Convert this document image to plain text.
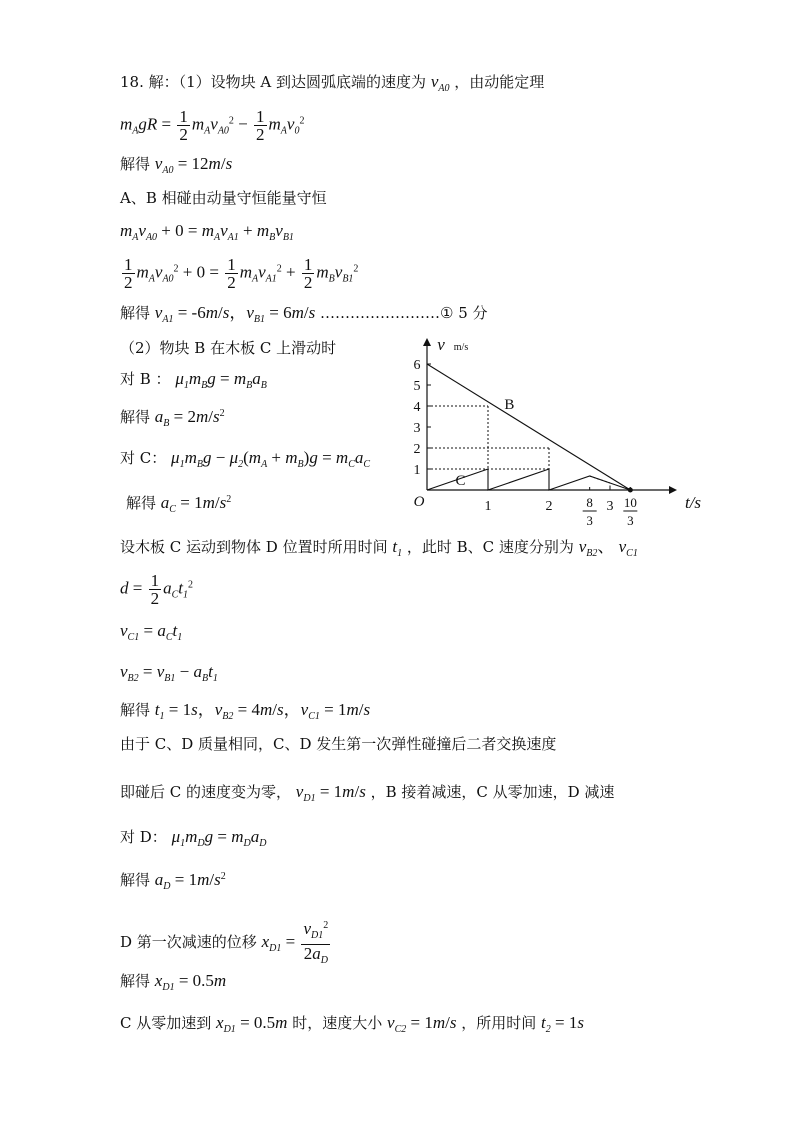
18. 解：（1）设物块 A 到达圆弧底端的速度为 $v_{A0}$ ，由动能定理
$m_AgR = \frac{1}{2} m_Av_{A0}^2 - \frac{1}{2} m_Av_0^2$
解得 $v_{A0} = 12m/s$
A、B 相碰由动量守恒能量守恒
$m_Av_{A0} + 0 = m_Av_{A1} + m_Bv_{B1}$
$\frac{1}{2} m_Av_{A0}^2 + 0 = \frac{1}{2} m_Av_{A1}^2 + \frac{1}{2} m_Bv_{B1}^2$
解得 $v_{A1} = -6m/s$，$v_{B1} = 6m/s$ ……………………① 5 分
（2）物块 B 在木板 C 上滑动时
对 B ： $\mu_1m_Bg = m_Ba_B$
解得 $a_B = 2m/s^2$
对 C： $\mu_1m_Bg - \mu_2(m_A + m_B)g = m_Ca_C$
解得 $a_C = 1m/s^2$
设木板 C 运动到物体 D 位置时所用时间 $t_1$ ，此时 B、C 速度分别为 $v_{B2}$、 $v_{C1}$
$d = \frac{1}{2} a_Ct_1^2$
$v_{C1} = a_Ct_1$
$v_{B2} = v_{B1} - a_Bt_1$
解得 $t_1 = 1s$，$v_{B2} = 4m/s$，$v_{C1} = 1m/s$
由于 C、D 质量相同，C、D 发生第一次弹性碰撞后二者交换速度
即碰后 C 的速度变为零， $v_{D1} = 1m/s$ ，B 接着减速，C 从零加速，D 减速
对 D： $\mu_1m_Dg = m_Da_D$
解得 $a_D = 1m/s^2$
D 第一次减速的位移 $x_{D1} = \frac{v_{D1}^2}{2a_D}$
解得 $x_{D1} = 0.5m$
C 从零加速到 $x_{D1} = 0.5m$ 时，速度大小 $v_{C2} = 1m/s$ ，所用时间 $t_2 = 1s$
v m/s
t/s
O
1
2
3
4
5
6
1	2	8
3
3 10
3
B
C
